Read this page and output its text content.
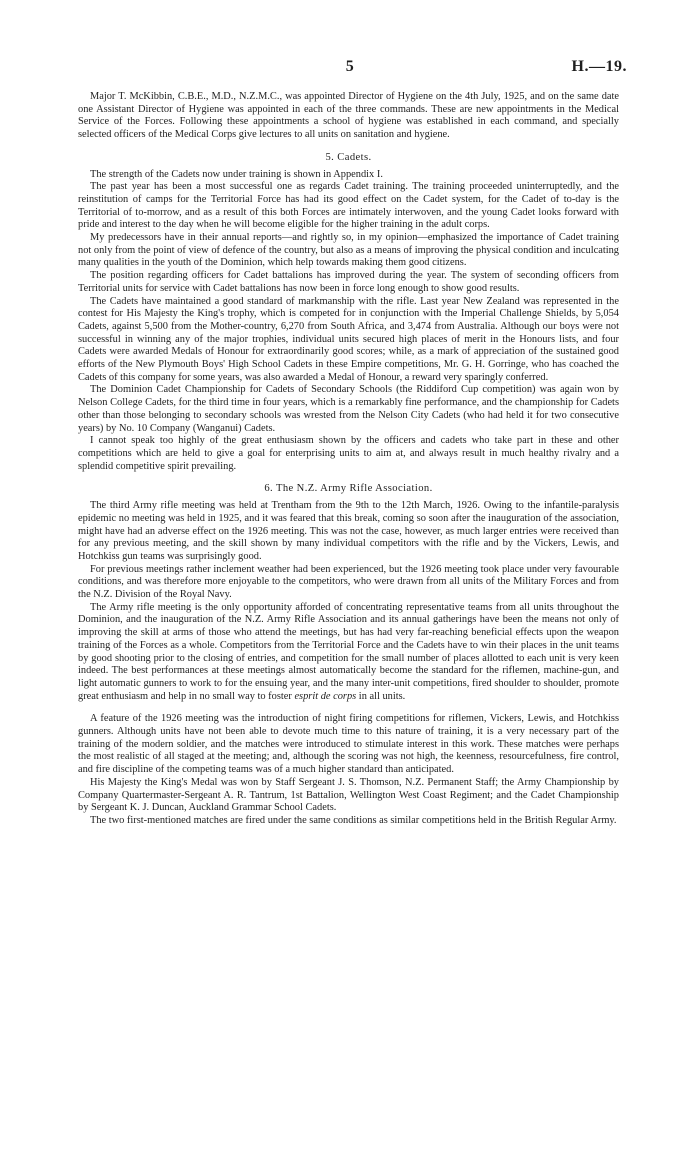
5	H.—19.

Major T. McKibbin, C.B.E., M.D., N.Z.M.C., was appointed Director of Hygiene on the 4th July, 1925, and on the same date one Assistant Director of Hygiene was appointed in each of the three commands. These are new appointments in the Medical Service of the Forces. Following these appointments a school of hygiene was established in each command, and specially selected officers of the Medical Corps give lectures to all units on sanitation and hygiene.

5. Cadets.

The strength of the Cadets now under training is shown in Appendix I.

The past year has been a most successful one as regards Cadet training. The training proceeded uninterruptedly, and the reinstitution of camps for the Territorial Force has had its good effect on the Cadet system, for the Cadet of to-day is the Territorial of to-morrow, and as a result of this both Forces are intimately interwoven, and the young Cadet looks forward with pride and interest to the day when he will become eligible for the higher training in the adult corps.

My predecessors have in their annual reports—and rightly so, in my opinion—emphasized the importance of Cadet training not only from the point of view of defence of the country, but also as a means of improving the physical condition and inculcating many qualities in the youth of the Dominion, which help towards making them good citizens.

The position regarding officers for Cadet battalions has improved during the year. The system of seconding officers from Territorial units for service with Cadet battalions has now been in force long enough to show good results.

The Cadets have maintained a good standard of markmanship with the rifle. Last year New Zealand was represented in the contest for His Majesty the King's trophy, which is competed for in conjunction with the Imperial Challenge Shields, by 5,054 Cadets, against 5,500 from the Mother-country, 6,270 from South Africa, and 3,474 from Australia. Although our boys were not successful in winning any of the major trophies, individual units secured high places of merit in the Honours lists, and four Cadets were awarded Medals of Honour for extraordinarily good scores; while, as a mark of appreciation of the sustained good efforts of the New Plymouth Boys' High School Cadets in these Empire competitions, Mr. G. H. Gorringe, who has coached the Cadets of this company for some years, was also awarded a Medal of Honour, a reward very sparingly conferred.

The Dominion Cadet Championship for Cadets of Secondary Schools (the Riddiford Cup competition) was again won by Nelson College Cadets, for the third time in four years, which is a remarkably fine performance, and the championship for Cadets other than those belonging to secondary schools was wrested from the Nelson City Cadets (who had held it for two consecutive years) by No. 10 Company (Wanganui) Cadets.

I cannot speak too highly of the great enthusiasm shown by the officers and cadets who take part in these and other competitions which are held to give a goal for enterprising units to aim at, and always result in much healthy rivalry and a splendid competitive spirit prevailing.

6. The N.Z. Army Rifle Association.

The third Army rifle meeting was held at Trentham from the 9th to the 12th March, 1926. Owing to the infantile-paralysis epidemic no meeting was held in 1925, and it was feared that this break, coming so soon after the inauguration of the association, might have had an adverse effect on the 1926 meeting. This was not the case, however, as much larger entries were received than for any previous meeting, and the skill shown by many individual competitors with the rifle and by the Vickers, Lewis, and Hotchkiss gun teams was surprisingly good.

For previous meetings rather inclement weather had been experienced, but the 1926 meeting took place under very favourable conditions, and was therefore more enjoyable to the competitors, who were drawn from all units of the Military Forces and from the N.Z. Division of the Royal Navy.

The Army rifle meeting is the only opportunity afforded of concentrating representative teams from all units throughout the Dominion, and the inauguration of the N.Z. Army Rifle Association and its annual gatherings have been the means not only of improving the skill at arms of those who attend the meetings, but has had very far-reaching beneficial effects upon the weapon training of the Forces as a whole. Competitors from the Territorial Force and the Cadets have to win their places in the unit teams by good shooting prior to the closing of entries, and competition for the small number of places allotted to each unit is very keen indeed. The best performances at these meetings almost automatically become the standard for the riflemen, machine-gun, and light automatic gunners to work to for the ensuing year, and the many inter-unit competitions, fired shoulder to shoulder, promote great enthusiasm and help in no small way to foster esprit de corps in all units.

A feature of the 1926 meeting was the introduction of night firing competitions for riflemen, Vickers, Lewis, and Hotchkiss gunners. Although units have not been able to devote much time to this nature of training, it is a very necessary part of the training of the modern soldier, and the matches were introduced to stimulate interest in this work. These matches were perhaps the most realistic of all staged at the meeting; and, although the scoring was not high, the keenness, resourcefulness, fire control, and fire discipline of the competing teams was of a much higher standard than anticipated.

His Majesty the King's Medal was won by Staff Sergeant J. S. Thomson, N.Z. Permanent Staff; the Army Championship by Company Quartermaster-Sergeant A. R. Tantrum, 1st Battalion, Wellington West Coast Regiment; and the Cadet Championship by Sergeant K. J. Duncan, Auckland Grammar School Cadets.

The two first-mentioned matches are fired under the same conditions as similar competitions held in the British Regular Army.
